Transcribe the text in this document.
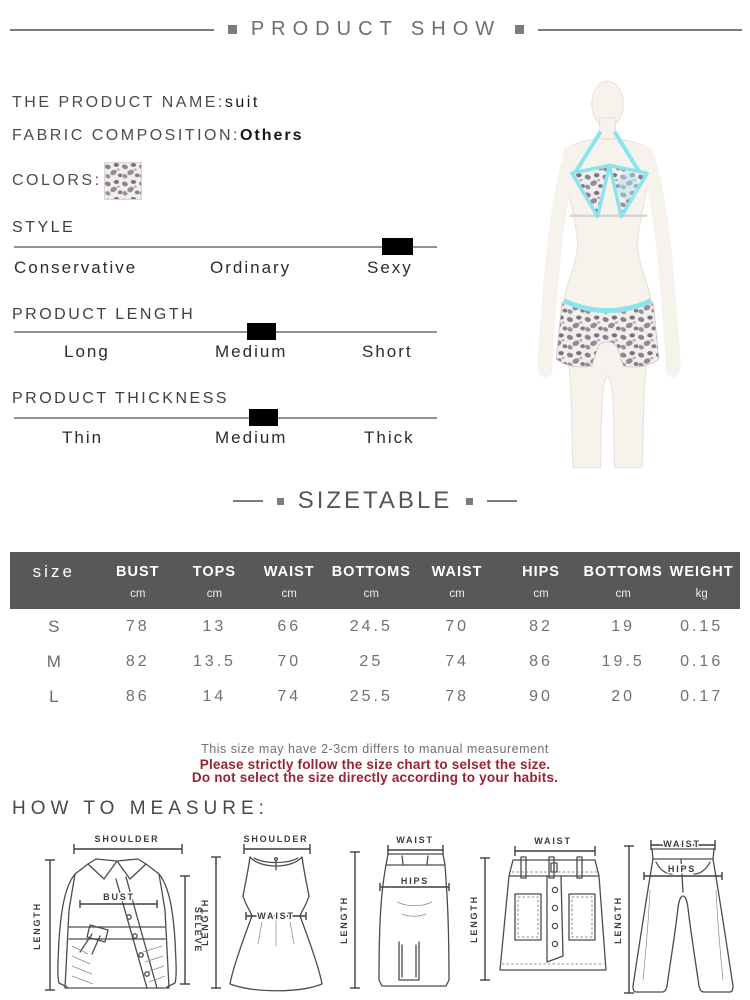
PRODUCT SHOW
THE PRODUCT NAME:suit
FABRIC COMPOSITION:Others
COLORS:
STYLE
Conservative	Ordinary	Sexy
PRODUCT LENGTH
Long	Medium	Short
PRODUCT THICKNESS
Thin	Medium	Thick
SIZETABLE
size	BUST	TOPS	WAIST	BOTTOMS	WAIST	HIPS	BOTTOMS	WEIGHT
	cm	cm	cm	cm	cm	cm	cm	kg
S	78	13	66	24.5	70	82	19	0.15
M	82	13.5	70	25	74	86	19.5	0.16
L	86	14	74	25.5	78	90	20	0.17
This size may have 2-3cm differs to manual measurement
Please strictly follow the size chart to selset the size.
Do not select the size directly according to your habits.
HOW TO MEASURE:
SHOULDER
LENGTH
BUST
SELEVE
SHOULDER
LENGTH	WAIST
WAIST
LENGTH
HIPS
WAIST
LENGTH
WAIST
LENGTH
HIPS
